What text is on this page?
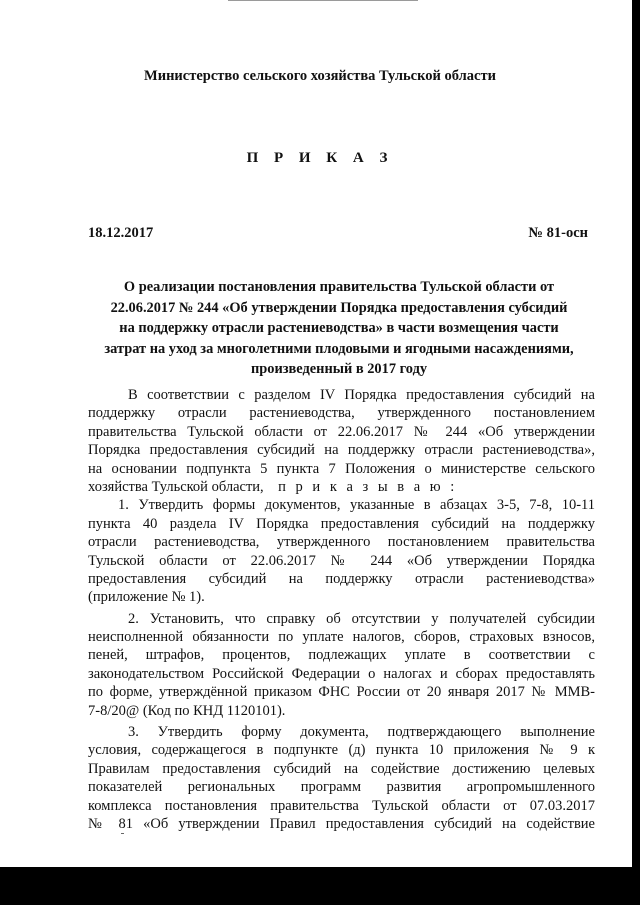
Министерство сельского хозяйства Тульской области
П Р И К А З
18.12.2017	№ 81-осн
О реализации постановления правительства Тульской области от
22.06.2017 № 244 «Об утверждении Порядка предоставления субсидий
на поддержку отрасли растениеводства» в части возмещения части
затрат на уход за многолетними плодовыми и ягодными насаждениями,
произведенный в 2017 году
В соответствии с разделом IV Порядка предоставления субсидий на
поддержку отрасли растениеводства, утвержденного постановлением
правительства Тульской области от 22.06.2017 № 244 «Об утверждении
Порядка предоставления субсидий на поддержку отрасли растениеводства»,
на основании подпункта 5 пункта 7 Положения о министерстве сельского
хозяйства Тульской области, п р и к а з ы в а ю :
1. Утвердить формы документов, указанные в абзацах 3-5, 7-8, 10-11
пункта 40 раздела IV Порядка предоставления субсидий на поддержку
отрасли растениеводства, утвержденного постановлением правительства
Тульской области от 22.06.2017 № 244 «Об утверждении Порядка
предоставления субсидий на поддержку отрасли растениеводства»
(приложение № 1).
2. Установить, что справку об отсутствии у получателей субсидии
неисполненной обязанности по уплате налогов, сборов, страховых взносов,
пеней, штрафов, процентов, подлежащих уплате в соответствии с
законодательством Российской Федерации о налогах и сборах предоставлять
по форме, утверждённой приказом ФНС России от 20 января 2017 № ММВ-
7-8/20@ (Код по КНД 1120101).
3. Утвердить форму документа, подтверждающего выполнение
условия, содержащегося в подпункте (д) пункта 10 приложения № 9 к
Правилам предоставления субсидий на содействие достижению целевых
показателей региональных программ развития агропромышленного
комплекса постановления правительства Тульской области от 07.03.2017
№ 81 «Об утверждении Правил предоставления субсидий на содействие
